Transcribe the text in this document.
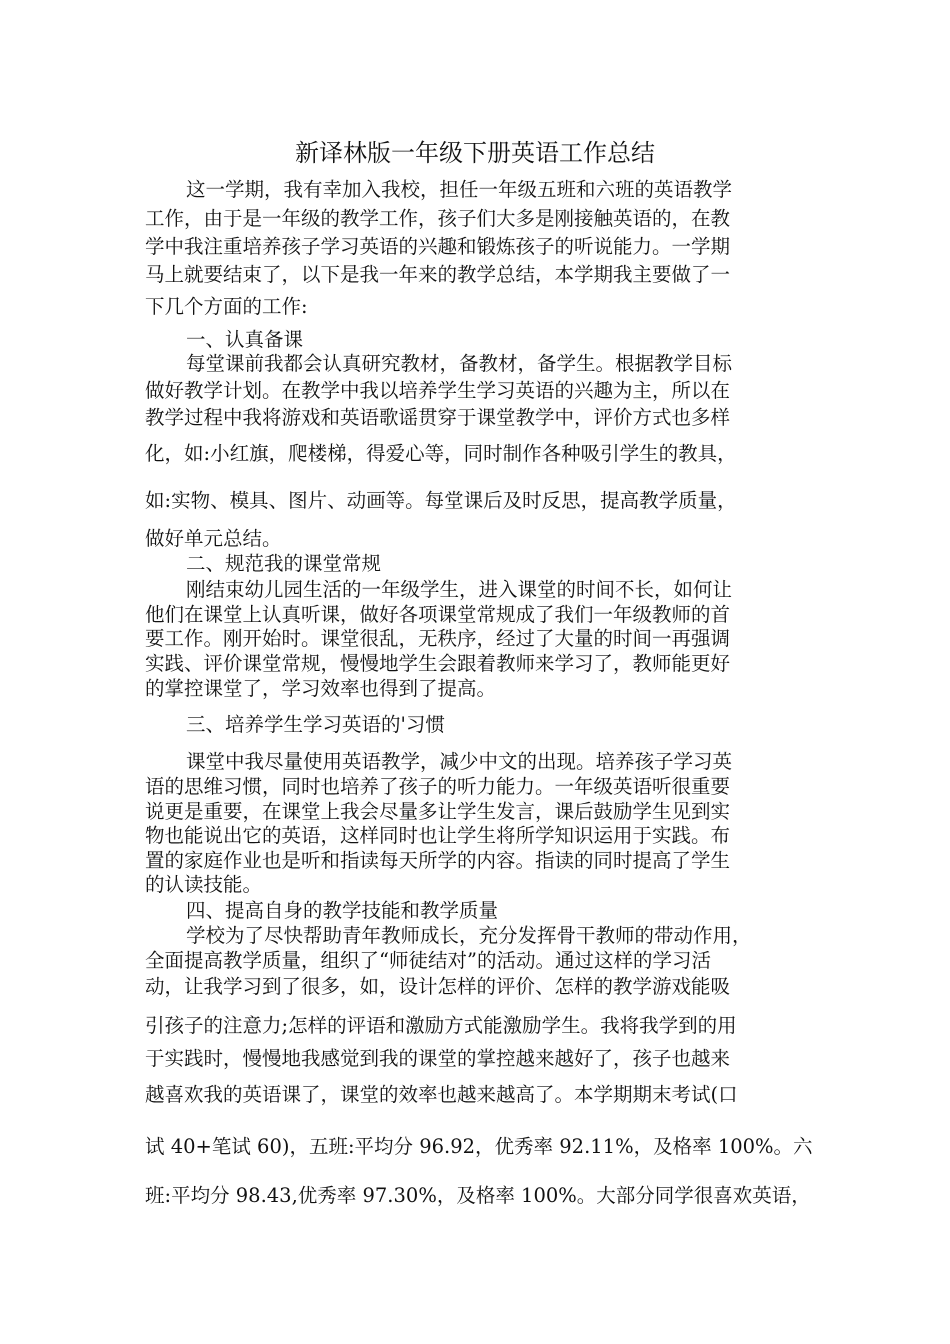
新译林版一年级下册英语工作总结
这一学期，我有幸加入我校，担任一年级五班和六班的英语教学
工作，由于是一年级的教学工作，孩子们大多是刚接触英语的，在教
学中我注重培养孩子学习英语的兴趣和锻炼孩子的听说能力。一学期
马上就要结束了，以下是我一年来的教学总结，本学期我主要做了一
下几个方面的工作:
一、认真备课
每堂课前我都会认真研究教材，备教材，备学生。根据教学目标
做好教学计划。在教学中我以培养学生学习英语的兴趣为主，所以在
教学过程中我将游戏和英语歌谣贯穿于课堂教学中，评价方式也多样
化，如:小红旗，爬楼梯，得爱心等，同时制作各种吸引学生的教具，
如:实物、模具、图片、动画等。每堂课后及时反思，提高教学质量，
做好单元总结。
二、规范我的课堂常规
刚结束幼儿园生活的一年级学生，进入课堂的时间不长，如何让
他们在课堂上认真听课，做好各项课堂常规成了我们一年级教师的首
要工作。刚开始时。课堂很乱，无秩序，经过了大量的时间一再强调
实践、评价课堂常规，慢慢地学生会跟着教师来学习了，教师能更好
的掌控课堂了，学习效率也得到了提高。
三、培养学生学习英语的'习惯
课堂中我尽量使用英语教学，减少中文的出现。培养孩子学习英
语的思维习惯，同时也培养了孩子的听力能力。一年级英语听很重要
说更是重要，在课堂上我会尽量多让学生发言，课后鼓励学生见到实
物也能说出它的英语，这样同时也让学生将所学知识运用于实践。布
置的家庭作业也是听和指读每天所学的内容。指读的同时提高了学生
的认读技能。
四、提高自身的教学技能和教学质量
学校为了尽快帮助青年教师成长，充分发挥骨干教师的带动作用，
全面提高教学质量，组织了“师徒结对”的活动。通过这样的学习活
动，让我学习到了很多，如，设计怎样的评价、怎样的教学游戏能吸
引孩子的注意力;怎样的评语和激励方式能激励学生。我将我学到的用
于实践时，慢慢地我感觉到我的课堂的掌控越来越好了，孩子也越来
越喜欢我的英语课了，课堂的效率也越来越高了。本学期期末考试(口
试 40+笔试 60)，五班:平均分 96.92，优秀率 92.11%，及格率 100%。六
班:平均分 98.43,优秀率 97.30%，及格率 100%。大部分同学很喜欢英语，
